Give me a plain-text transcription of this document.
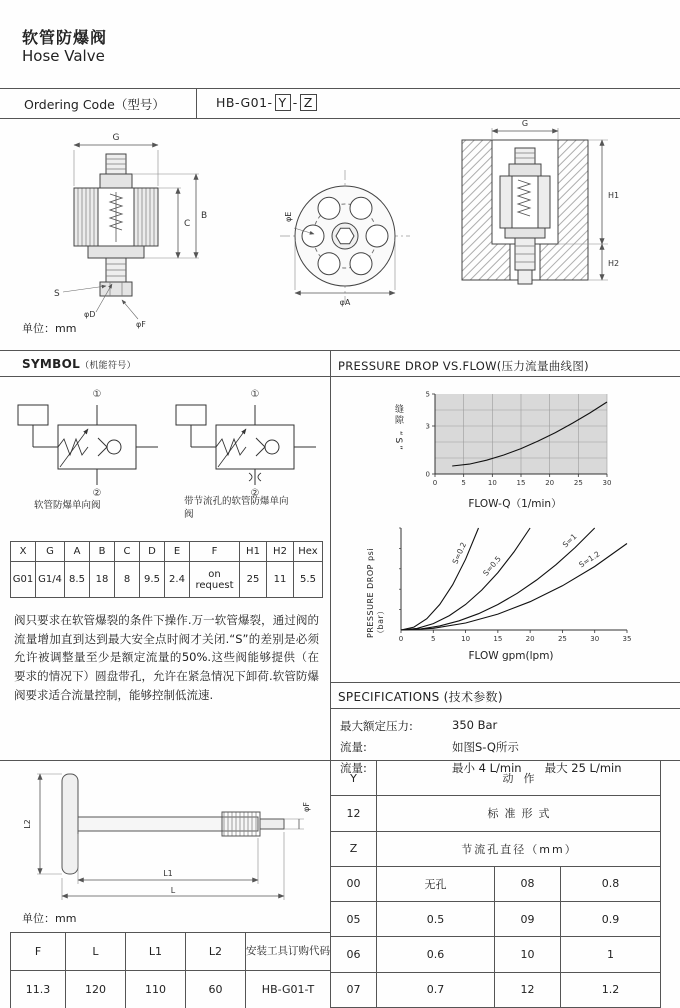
软管防爆阀
Hose Valve
Ordering Code（型号）	HB-G01- Y - Z
G
C
B
S
φD
φF
φE
φA
G
H1
H2
单位：mm
SYMBOL（机能符号）
①
②
①
②
软管防爆单向阀	带节流孔的软管防爆单向阀
X	G	A	B	C	D	E	F	H1	H2	Hex
G01	G1/4	8.5	18	8	9.5	2.4	on request	25	11	5.5
阀只要求在软管爆裂的条件下操作.万一软管爆裂，通过阀的流量增加直到达到最大安全点时阀才关闭.“S”的差别是必须允许被调整量至少是额定流量的50%.这些阀能够提供（在要求的情况下）圆盘带孔，允许在紧急情况下卸荷.软管防爆阀要求适合流量控制，能够控制低流速.
PRESSURE DROP VS.FLOW(压力流量曲线图)
缝隙 “S”
0	5	10	15	20	25	30
0
3
5
FLOW-Q（1/min）
PRESSURE DROP psi（bar）
0	5	10	15	20	25	30	35
S=0.2
S=0.5
S=1
S=1.2
FLOW gpm(lpm)
SPECIFICATIONS (技术参数)
最大额定压力:	350 Bar
流量:	如图S-Q所示
流量:	最小 4 L/min　　最大 25 L/min
L2
φF
L1
L
单位：mm
F	L	L1	L2	安装工具订购代码
11.3	120	110	60	HB-G01-T
Y	动作		
12	标准形式		
Z	节流孔直径（mm）		
00	无孔	08	0.8
05	0.5	09	0.9
06	0.6	10	1
07	0.7	12	1.2
